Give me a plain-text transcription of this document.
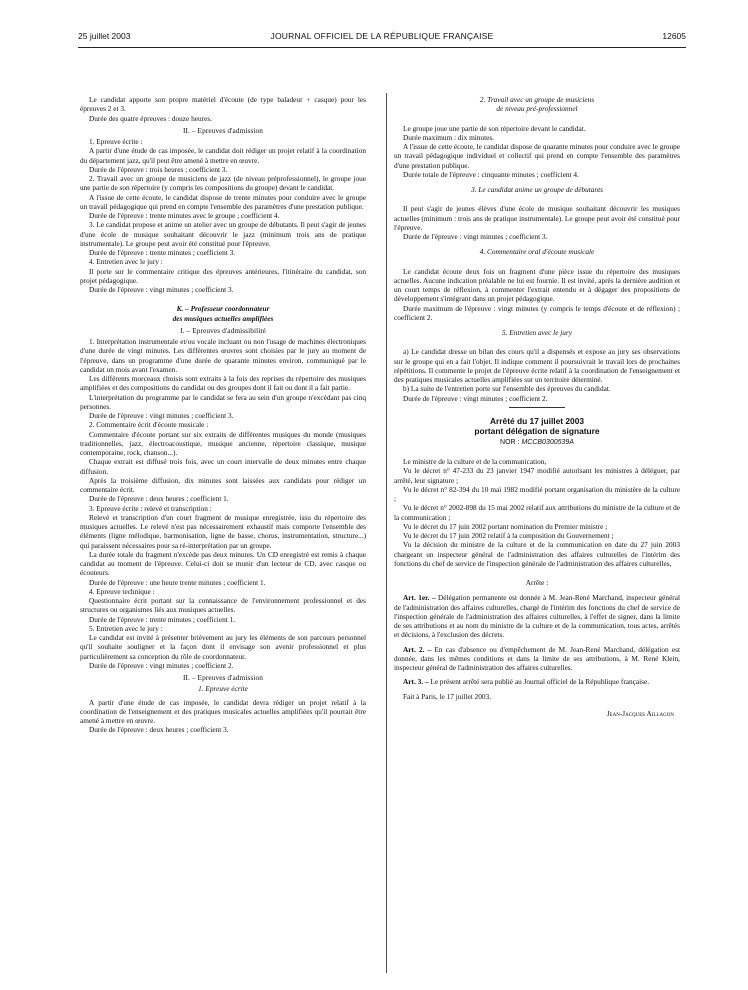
25 juillet 2003	JOURNAL OFFICIEL DE LA RÉPUBLIQUE FRANÇAISE	12605

Le candidat apporte son propre matériel d'écoute (de type baladeur + casque) pour les épreuves 2 et 3.

Durée des quatre épreuves : douze heures.

II. – Epreuves d'admission

1. Epreuve écrite :

A partir d'une étude de cas imposée, le candidat doit rédiger un projet relatif à la coordination du département jazz, qu'il peut être amené à mettre en œuvre.

Durée de l'épreuve : trois heures ; coefficient 3.

2. Travail avec un groupe de musiciens de jazz (de niveau préprofessionnel), le groupe joue une partie de son répertoire (y compris les compositions du groupe) devant le candidat.

A l'issue de cette écoute, le candidat dispose de trente minutes pour conduire avec le groupe un travail pédagogique qui prend en compte l'ensemble des paramètres d'une prestation publique.

Durée de l'épreuve : trente minutes avec le groupe ; coefficient 4.

3. Le candidat propose et anime un atelier avec un groupe de débutants. Il peut s'agir de jeunes d'une école de musique souhaitant découvrir le jazz (minimum trois ans de pratique instrumentale). Le groupe peut avoir été constitué pour l'épreuve.

Durée de l'épreuve : trente minutes ; coefficient 3.

4. Entretien avec le jury :

Il porte sur le commentaire critique des épreuves antérieures, l'itinéraire du candidat, son projet pédagogique.

Durée de l'épreuve : vingt minutes ; coefficient 3.

K. – Professeur coordonnateur

des musiques actuelles amplifiées

I. – Epreuves d'admissibilité

1. Interprétation instrumentale et/ou vocale incluant ou non l'usage de machines électroniques d'une durée de vingt minutes. Les différentes œuvres sont choisies par le jury au moment de l'épreuve, dans un programme d'une durée de quarante minutes environ, communiqué par le candidat un mois avant l'examen.

Les différents morceaux choisis sont extraits à la fois des reprises du répertoire des musiques amplifiées et des compositions du candidat ou des groupes dont il fait ou dont il a fait partie.

L'interprétation du programme par le candidat se fera au sein d'un groupe n'excédant pas cinq personnes.

Durée de l'épreuve : vingt minutes ; coefficient 3.

2. Commentaire écrit d'écoute musicale :

Commentaire d'écoute portant sur six extraits de différentes musiques du monde (musiques traditionnelles, jazz, électroacoustique, musique ancienne, répertoire classique, musique contemporaine, rock, chanson...).

Chaque extrait est diffusé trois fois, avec un court intervalle de deux minutes entre chaque diffusion.

Après la troisième diffusion, dix minutes sont laissées aux candidats pour rédiger un commentaire écrit.

Durée de l'épreuve : deux heures ; coefficient 1.

3. Epreuve écrite : relevé et transcription :

Relevé et transcription d'un court fragment de musique enregistrée, issu du répertoire des musiques actuelles. Le relevé n'est pas nécessairement exhaustif mais comporte l'ensemble des éléments (ligne mélodique, harmonisation, ligne de basse, chorus, instrumentation, structure...) qui paraissent nécessaires pour sa ré-interprétation par un groupe.

La durée totale du fragment n'excède pas deux minutes. Un CD enregistré est remis à chaque candidat au moment de l'épreuve. Celui-ci doit se munir d'un lecteur de CD, avec casque ou écouteurs.

Durée de l'épreuve : une heure trente minutes ; coefficient 1.

4. Epreuve technique :

Questionnaire écrit portant sur la connaissance de l'environnement professionnel et des structures ou organismes liés aux musiques actuelles.

Durée de l'épreuve : trente minutes ; coefficient 1.

5. Entretien avec le jury :

Le candidat est invité à présenter brièvement au jury les éléments de son parcours personnel qu'il souhaite souligner et la façon dont il envisage son avenir professionnel et plus particulièrement sa conception du rôle de coordonnateur.

Durée de l'épreuve : vingt minutes ; coefficient 2.

II. – Epreuves d'admission

1. Epreuve écrite

A partir d'une étude de cas imposée, le candidat devra rédiger un projet relatif à la coordination de l'enseignement et des pratiques musicales actuelles amplifiées qu'il pourrait être amené à mettre en œuvre.

Durée de l'épreuve : deux heures ; coefficient 3.

2. Travail avec un groupe de musiciens

de niveau pré-professionnel

Le groupe joue une partie de son répertoire devant le candidat.

Durée maximum : dix minutes.

A l'issue de cette écoute, le candidat dispose de quarante minutes pour conduire avec le groupe un travail pédagogique individuel et collectif qui prend en compte l'ensemble des paramètres d'une prestation publique.

Durée totale de l'épreuve : cinquante minutes ; coefficient 4.

3. Le candidat anime un groupe de débutants

Il peut s'agir de jeunes élèves d'une école de musique souhaitant découvrir les musiques actuelles (minimum : trois ans de pratique instrumentale). Le groupe peut avoir été constitué pour l'épreuve.

Durée de l'épreuve : vingt minutes ; coefficient 3.

4. Commentaire oral d'écoute musicale

Le candidat écoute deux fois un fragment d'une pièce issue du répertoire des musiques actuelles. Aucune indication préalable ne lui est fournie. Il est invité, après la dernière audition et un court temps de réflexion, à commenter l'extrait entendu et à dégager des propositions de développement s'intégrant dans un projet pédagogique.

Durée maximum de l'épreuve : vingt minutes (y compris le temps d'écoute et de réflexion) ; coefficient 2.

5. Entretien avec le jury

a) Le candidat dresse un bilan des cours qu'il a dispensés et expose au jury ses observations sur le groupe qui en a fait l'objet. Il indique comment il poursuivrait le travail lors de prochaines répétitions. Il commente le projet de l'épreuve écrite relatif à la coordination de l'enseignement et des pratiques musicales actuelles amplifiées sur un territoire déterminé.

b) La suite de l'entretien porte sur l'ensemble des épreuves du candidat.

Durée de l'épreuve : vingt minutes ; coefficient 2.

Arrêté du 17 juillet 2003

portant délégation de signature

NOR : MCCB0300539A

Le ministre de la culture et de la communication,

Vu le décret n° 47-233 du 23 janvier 1947 modifié autorisant les ministres à déléguer, par arrêté, leur signature ;

Vu le décret n° 82-394 du 10 mai 1982 modifié portant organisation du ministère de la culture ;

Vu le décret n° 2002-898 du 15 mai 2002 relatif aux attributions du ministre de la culture et de la communication ;

Vu le décret du 17 juin 2002 portant nomination du Premier ministre ;

Vu le décret du 17 juin 2002 relatif à la composition du Gouvernement ;

Vu la décision du ministre de la culture et de la communication en date du 27 juin 2003 chargeant un inspecteur général de l'administration des affaires culturelles de l'intérim des fonctions du chef de service de l'inspection générale de l'administration des affaires culturelles,

Arrête :

Art. 1er. – Délégation permanente est donnée à M. Jean-René Marchand, inspecteur général de l'administration des affaires culturelles, chargé de l'intérim des fonctions du chef de service de l'inspection générale de l'administration des affaires culturelles, à l'effet de signer, dans la limite de ses attributions et au nom du ministre de la culture et de la communication, tous actes, arrêtés et décisions, à l'exclusion des décrets.

Art. 2. – En cas d'absence ou d'empêchement de M. Jean-René Marchand, délégation est donnée, dans les mêmes conditions et dans la limite de ses attributions, à M. René Klein, inspecteur général de l'administration des affaires culturelles.

Art. 3. – Le présent arrêté sera publié au Journal officiel de la République française.

Fait à Paris, le 17 juillet 2003.

Jean-Jacques Aillagon
